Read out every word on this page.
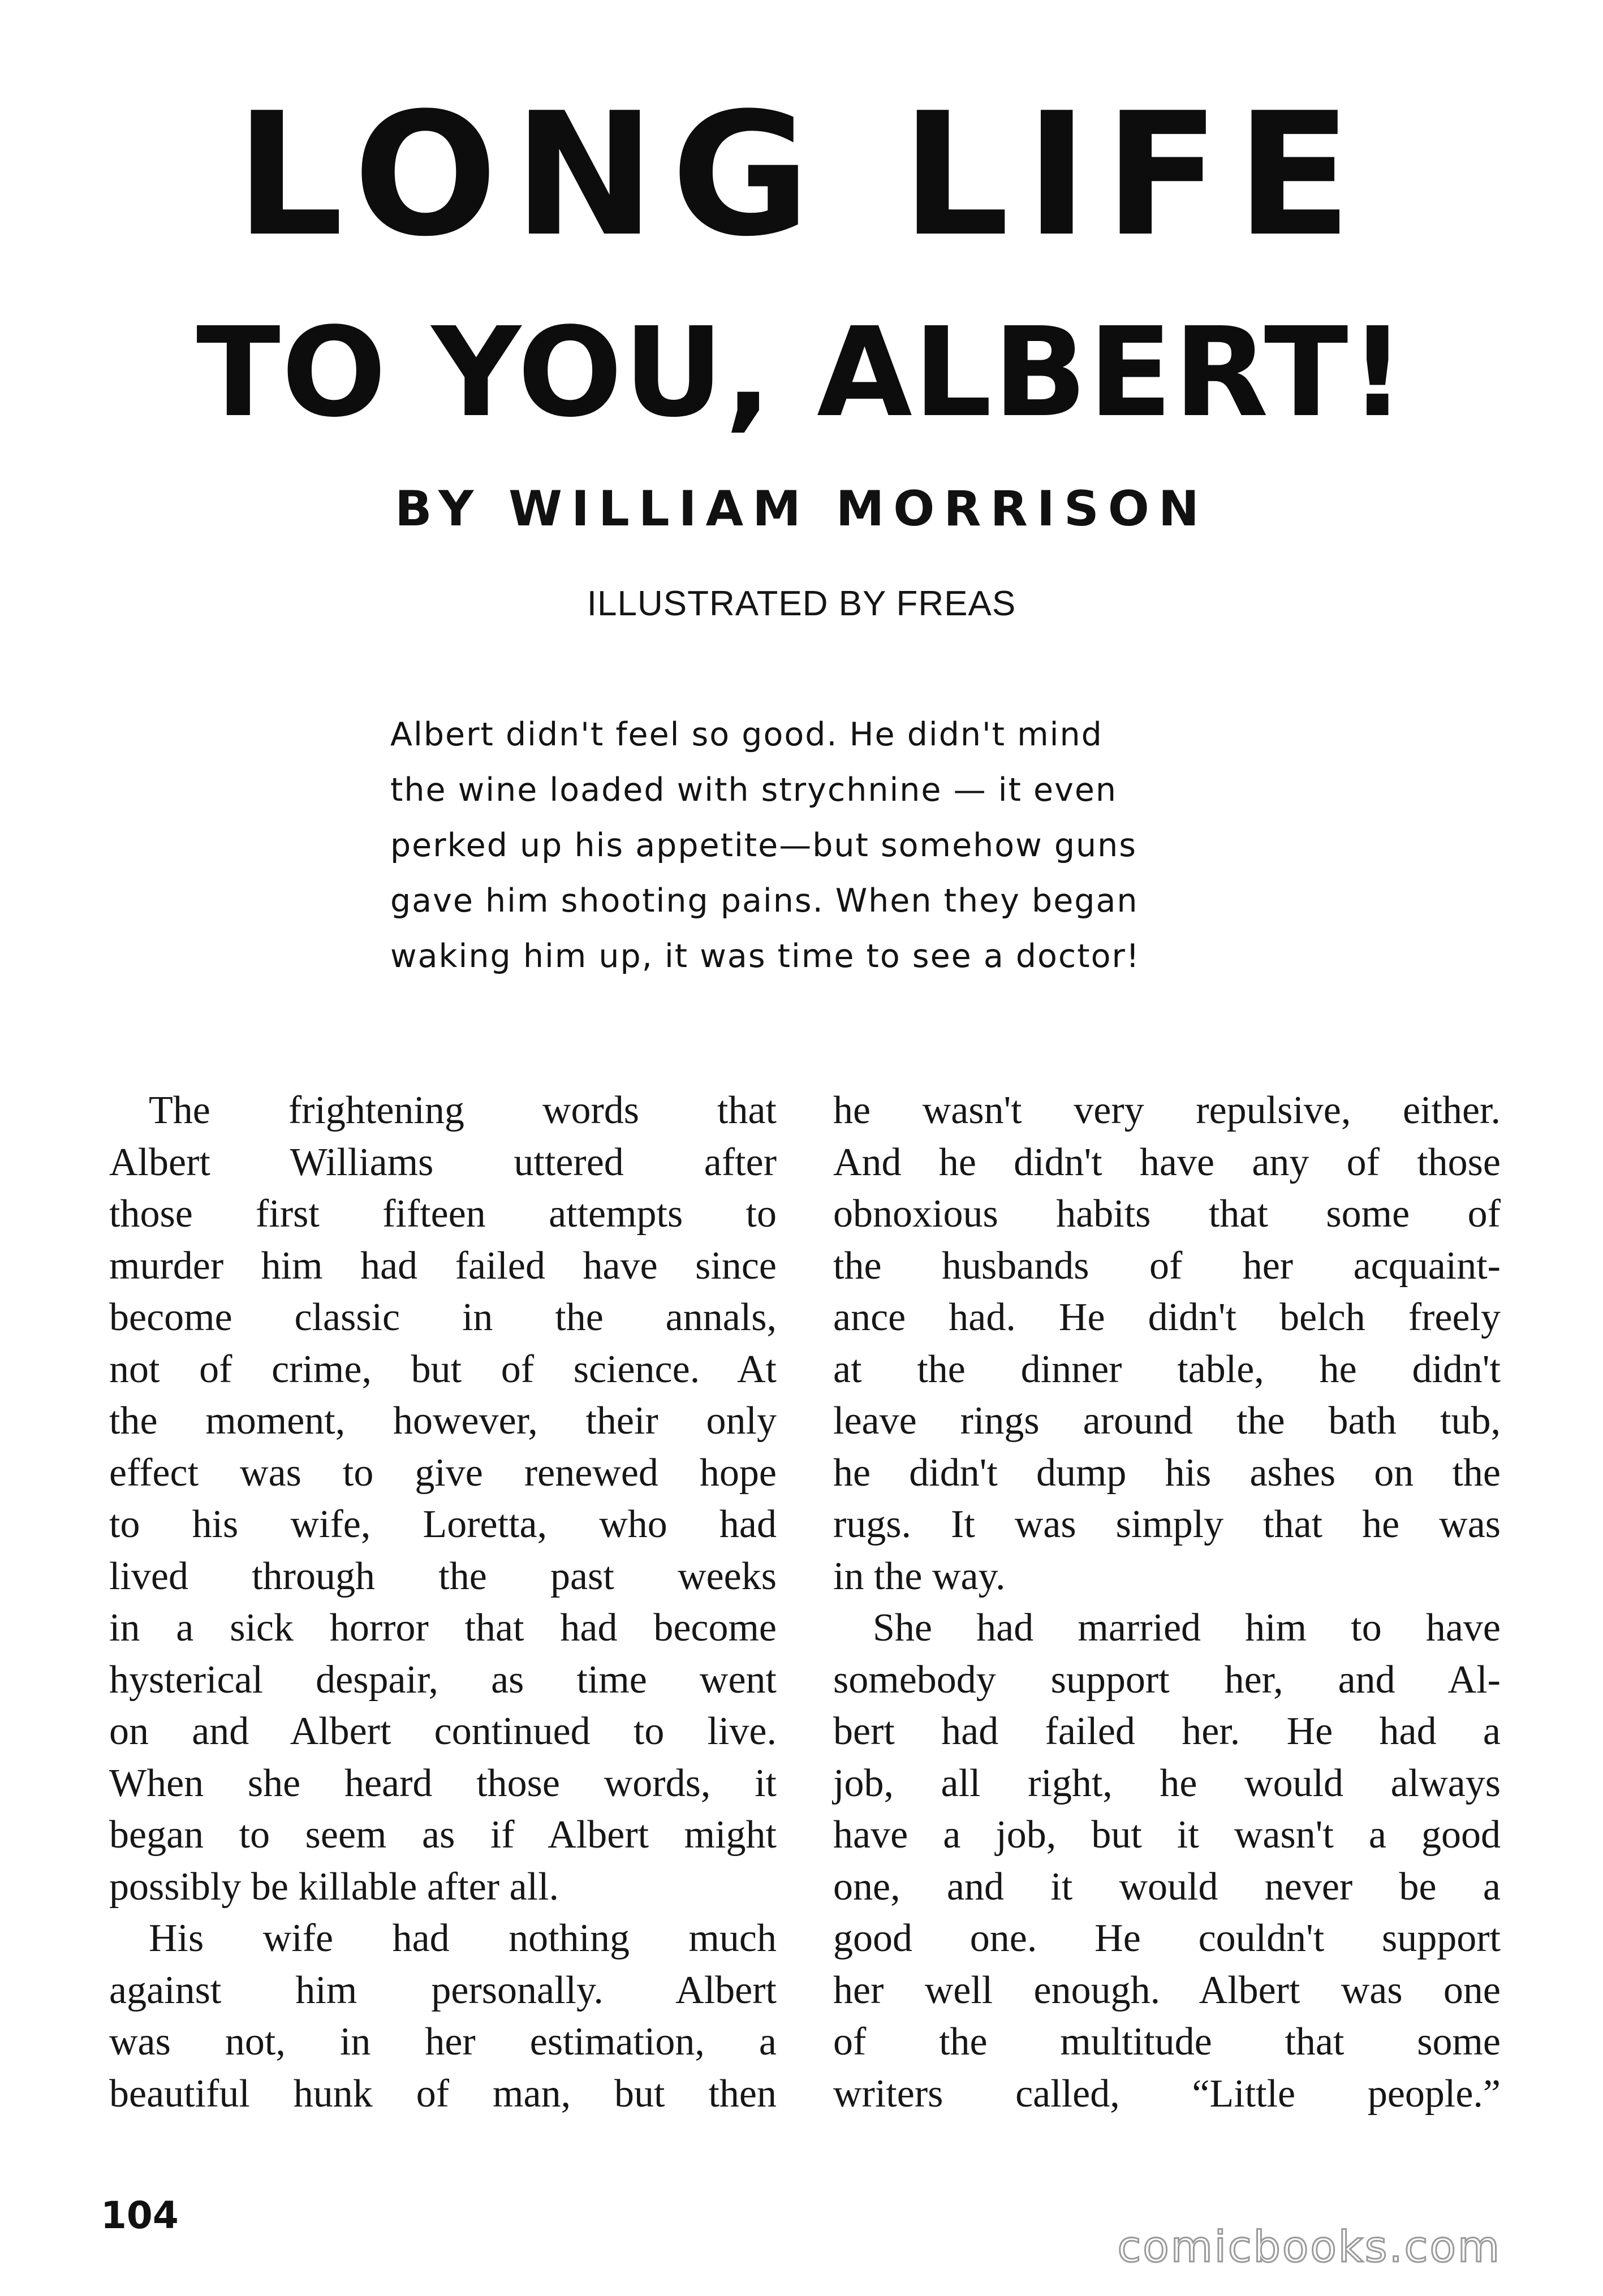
LONG LIFE
TO YOU, ALBERT!
BY WILLIAM MORRISON
ILLUSTRATED BY FREAS
Albert didn't feel so good. He didn't mind
the wine loaded with strychnine — it even
perked up his appetite—but somehow guns
gave him shooting pains. When they began
waking him up, it was time to see a doctor!
The frightening words that
Albert Williams uttered after
those first fifteen attempts to
murder him had failed have since
become classic in the annals,
not of crime, but of science. At
the moment, however, their only
effect was to give renewed hope
to his wife, Loretta, who had
lived through the past weeks
in a sick horror that had become
hysterical despair, as time went
on and Albert continued to live.
When she heard those words, it
began to seem as if Albert might
possibly be killable after all.
His wife had nothing much
against him personally. Albert
was not, in her estimation, a
beautiful hunk of man, but then
he wasn't very repulsive, either.
And he didn't have any of those
obnoxious habits that some of
the husbands of her acquaint-
ance had. He didn't belch freely
at the dinner table, he didn't
leave rings around the bath tub,
he didn't dump his ashes on the
rugs. It was simply that he was
in the way.
She had married him to have
somebody support her, and Al-
bert had failed her. He had a
job, all right, he would always
have a job, but it wasn't a good
one, and it would never be a
good one. He couldn't support
her well enough. Albert was one
of the multitude that some
writers called, “Little people.”
104
comicbooks.com
